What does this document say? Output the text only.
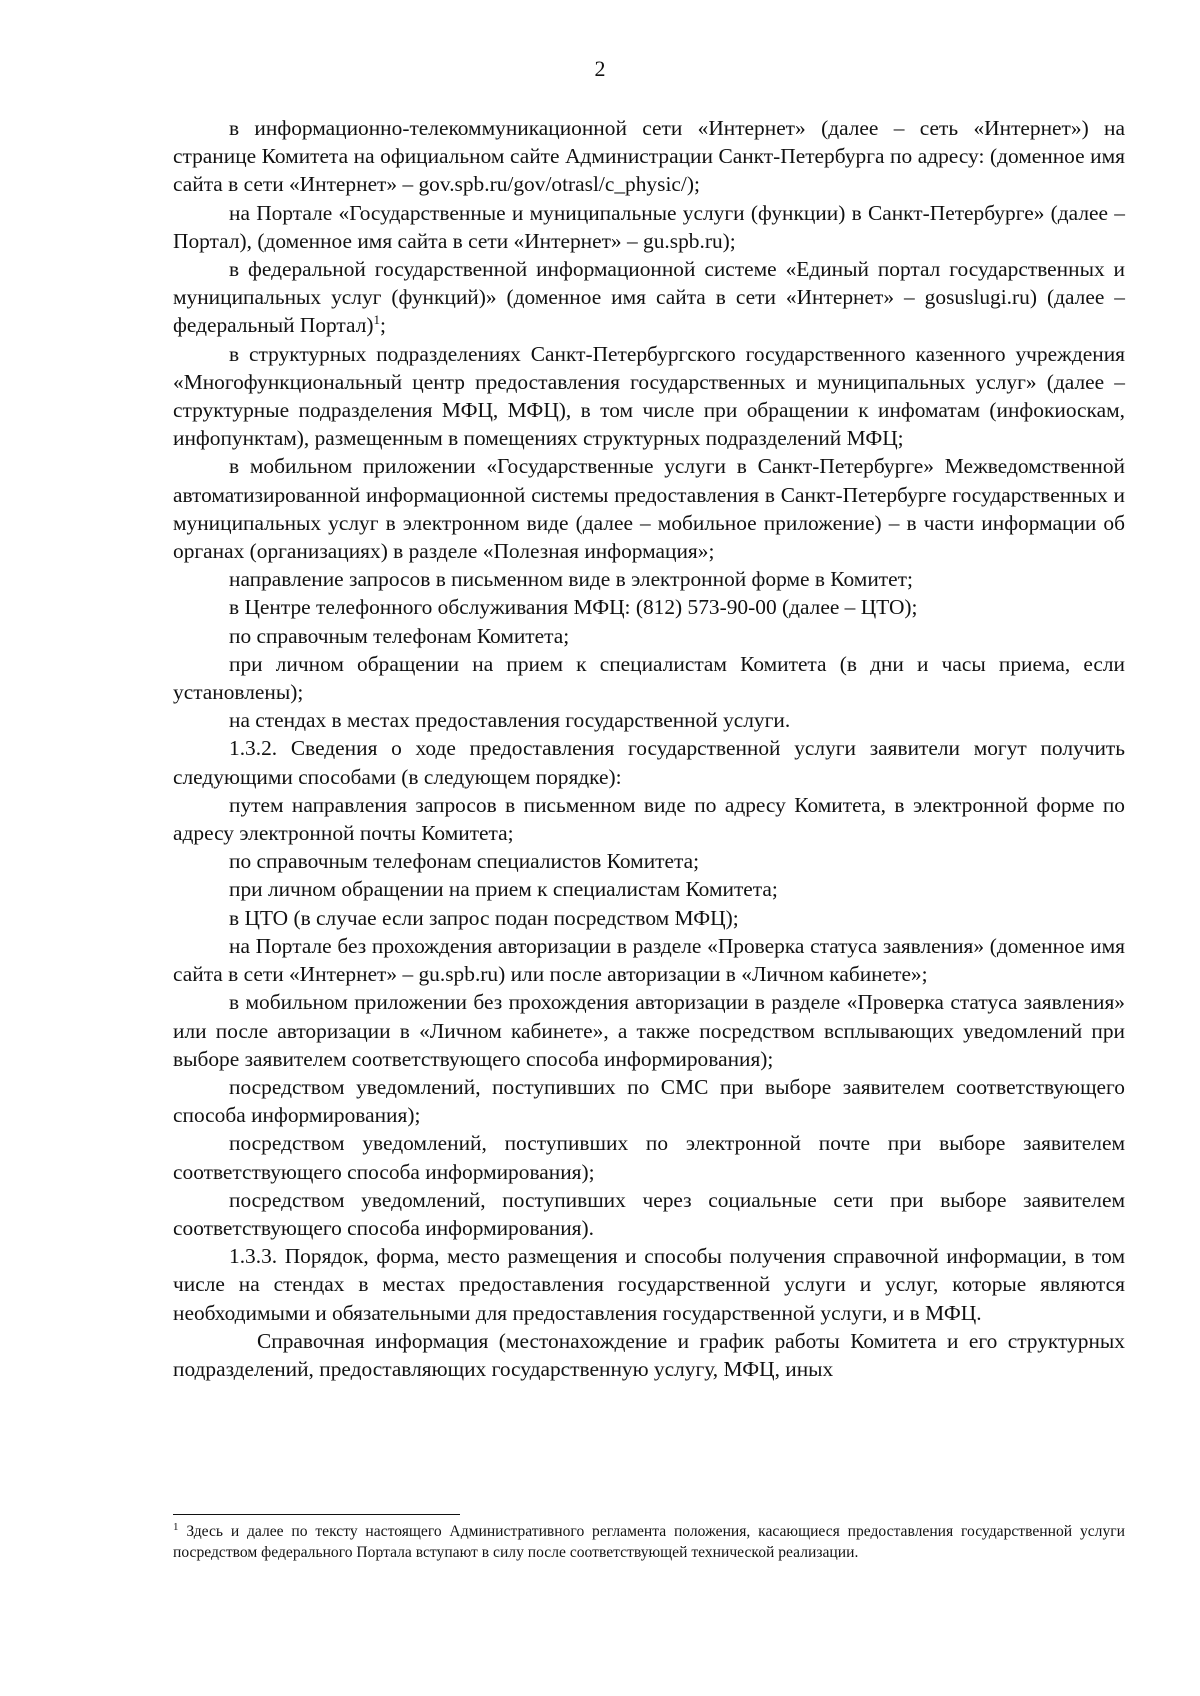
2

в информационно-телекоммуникационной сети «Интернет» (далее – сеть «Интернет») на странице Комитета на официальном сайте Администрации Санкт-Петербурга по адресу: (доменное имя сайта в сети «Интернет» – gov.spb.ru/gov/otrasl/c_physic/);

на Портале «Государственные и муниципальные услуги (функции) в Санкт-Петербурге» (далее – Портал), (доменное имя сайта в сети «Интернет» – gu.spb.ru);

в федеральной государственной информационной системе «Единый портал государственных и муниципальных услуг (функций)» (доменное имя сайта в сети «Интернет» – gosuslugi.ru) (далее – федеральный Портал)$^1$;

в структурных подразделениях Санкт-Петербургского государственного казенного учреждения «Многофункциональный центр предоставления государственных и муниципальных услуг» (далее – структурные подразделения МФЦ, МФЦ), в том числе при обращении к инфоматам (инфокиоскам, инфопунктам), размещенным в помещениях структурных подразделений МФЦ;

в мобильном приложении «Государственные услуги в Санкт-Петербурге» Межведомственной автоматизированной информационной системы предоставления в Санкт-Петербурге государственных и муниципальных услуг в электронном виде (далее – мобильное приложение) – в части информации об органах (организациях) в разделе «Полезная информация»;

направление запросов в письменном виде в электронной форме в Комитет;

в Центре телефонного обслуживания МФЦ: (812) 573-90-00 (далее – ЦТО);

по справочным телефонам Комитета;

при личном обращении на прием к специалистам Комитета (в дни и часы приема, если установлены);

на стендах в местах предоставления государственной услуги.

1.3.2. Сведения о ходе предоставления государственной услуги заявители могут получить следующими способами (в следующем порядке):

путем направления запросов в письменном виде по адресу Комитета, в электронной форме по адресу электронной почты Комитета;

по справочным телефонам специалистов Комитета;

при личном обращении на прием к специалистам Комитета;

в ЦТО (в случае если запрос подан посредством МФЦ);

на Портале без прохождения авторизации в разделе «Проверка статуса заявления» (доменное имя сайта в сети «Интернет» – gu.spb.ru) или после авторизации в «Личном кабинете»;

в мобильном приложении без прохождения авторизации в разделе «Проверка статуса заявления» или после авторизации в «Личном кабинете», а также посредством всплывающих уведомлений при выборе заявителем соответствующего способа информирования);

посредством уведомлений, поступивших по СМС при выборе заявителем соответствующего способа информирования);

посредством уведомлений, поступивших по электронной почте при выборе заявителем соответствующего способа информирования);

посредством уведомлений, поступивших через социальные сети при выборе заявителем соответствующего способа информирования).

1.3.3. Порядок, форма, место размещения и способы получения справочной информации, в том числе на стендах в местах предоставления государственной услуги и услуг, которые являются необходимыми и обязательными для предоставления государственной услуги, и в МФЦ.

Справочная информация (местонахождение и график работы Комитета и его структурных подразделений, предоставляющих государственную услугу, МФЦ, иных

$^1$ Здесь и далее по тексту настоящего Административного регламента положения, касающиеся предоставления государственной услуги посредством федерального Портала вступают в силу после соответствующей технической реализации.
